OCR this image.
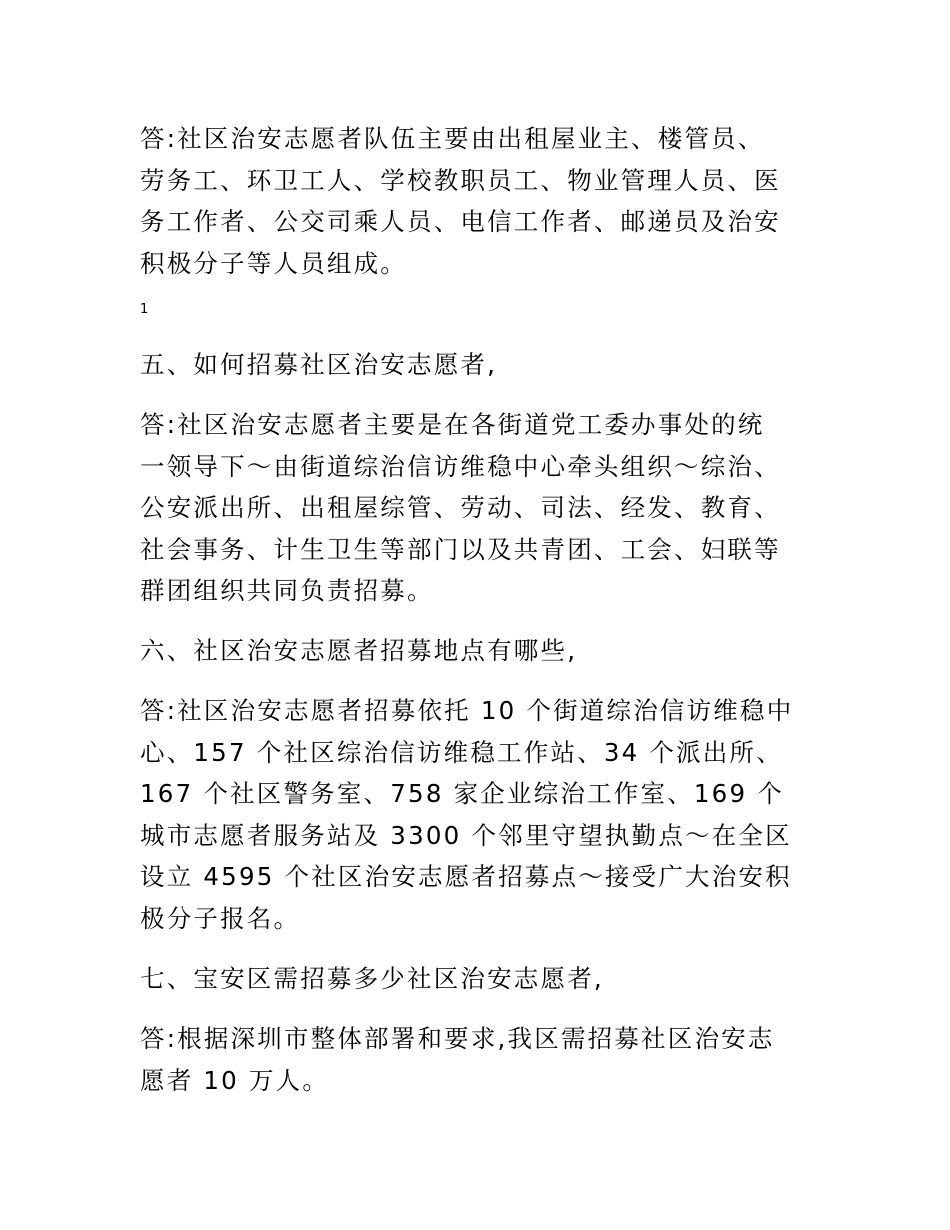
答:社区治安志愿者队伍主要由出租屋业主、楼管员、
劳务工、环卫工人、学校教职员工、物业管理人员、医
务工作者、公交司乘人员、电信工作者、邮递员及治安
积极分子等人员组成。

1

五、如何招募社区治安志愿者,

答:社区治安志愿者主要是在各街道党工委办事处的统
一领导下～由街道综治信访维稳中心牵头组织～综治、
公安派出所、出租屋综管、劳动、司法、经发、教育、
社会事务、计生卫生等部门以及共青团、工会、妇联等
群团组织共同负责招募。

六、社区治安志愿者招募地点有哪些,

答:社区治安志愿者招募依托 10 个街道综治信访维稳中
心、157 个社区综治信访维稳工作站、34 个派出所、
167 个社区警务室、758 家企业综治工作室、169 个
城市志愿者服务站及 3300 个邻里守望执勤点～在全区
设立 4595 个社区治安志愿者招募点～接受广大治安积
极分子报名。

七、宝安区需招募多少社区治安志愿者,

答:根据深圳市整体部署和要求,我区需招募社区治安志
愿者 10 万人。
